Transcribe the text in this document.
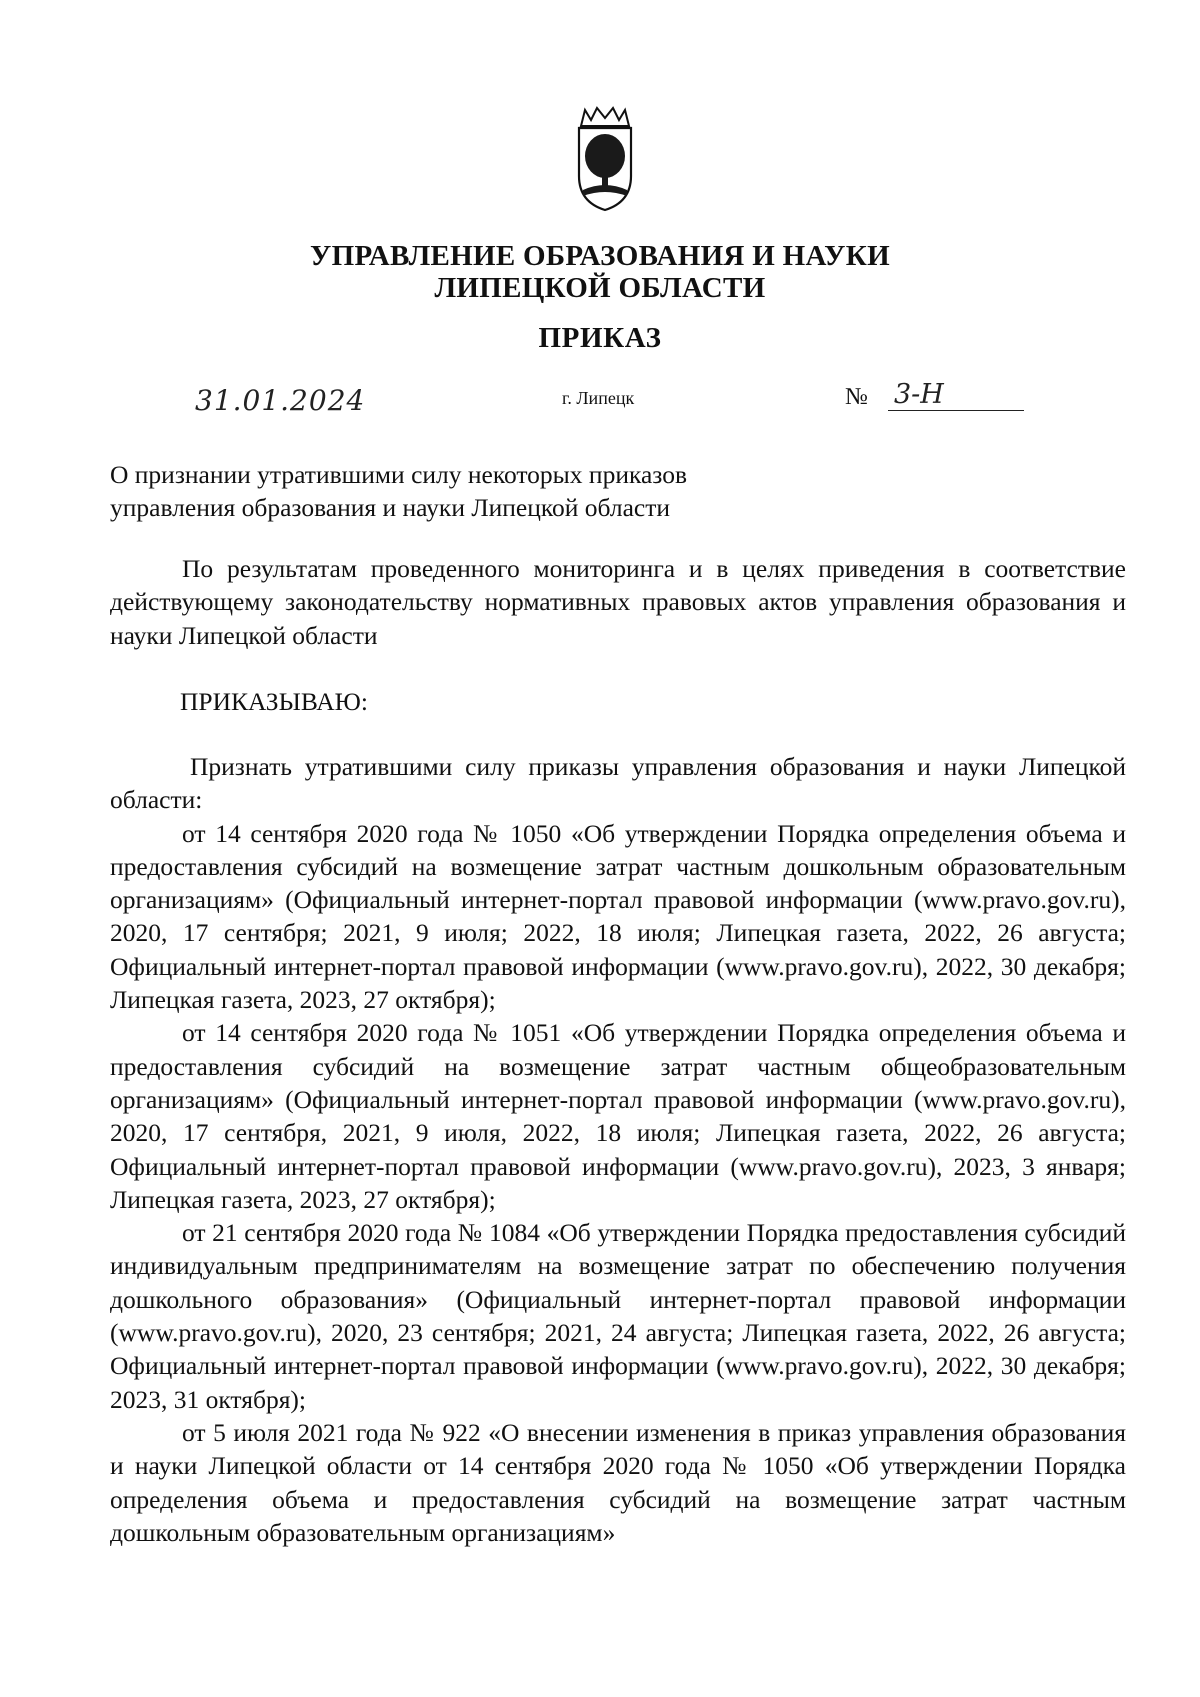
УПРАВЛЕНИЕ ОБРАЗОВАНИЯ И НАУКИ
ЛИПЕЦКОЙ ОБЛАСТИ
ПРИКАЗ
31.01.2024	г. Липецк	№ 3-Н
О признании утратившими силу некоторых приказов
управления образования и науки Липецкой области

По результатам проведенного мониторинга и в целях приведения в соответствие действующему законодательству нормативных правовых актов управления образования и науки Липецкой области

ПРИКАЗЫВАЮ:

Признать утратившими силу приказы управления образования и науки Липецкой области:

от 14 сентября 2020 года № 1050 «Об утверждении Порядка определения объема и предоставления субсидий на возмещение затрат частным дошкольным образовательным организациям» (Официальный интернет-портал правовой информации (www.pravo.gov.ru), 2020, 17 сентября; 2021, 9 июля; 2022, 18 июля; Липецкая газета, 2022, 26 августа; Официальный интернет-портал правовой информации (www.pravo.gov.ru), 2022, 30 декабря; Липецкая газета, 2023, 27 октября);

от 14 сентября 2020 года № 1051 «Об утверждении Порядка определения объема и предоставления субсидий на возмещение затрат частным общеобразовательным организациям» (Официальный интернет-портал правовой информации (www.pravo.gov.ru), 2020, 17 сентября, 2021, 9 июля, 2022, 18 июля; Липецкая газета, 2022, 26 августа; Официальный интернет-портал правовой информации (www.pravo.gov.ru), 2023, 3 января; Липецкая газета, 2023, 27 октября);

от 21 сентября 2020 года № 1084 «Об утверждении Порядка предоставления субсидий индивидуальным предпринимателям на возмещение затрат по обеспечению получения дошкольного образования» (Официальный интернет-портал правовой информации (www.pravo.gov.ru), 2020, 23 сентября; 2021, 24 августа; Липецкая газета, 2022, 26 августа; Официальный интернет-портал правовой информации (www.pravo.gov.ru), 2022, 30 декабря; 2023, 31 октября);

от 5 июля 2021 года № 922 «О внесении изменения в приказ управления образования и науки Липецкой области от 14 сентября 2020 года № 1050 «Об утверждении Порядка определения объема и предоставления субсидий на возмещение затрат частным дошкольным образовательным организациям»
